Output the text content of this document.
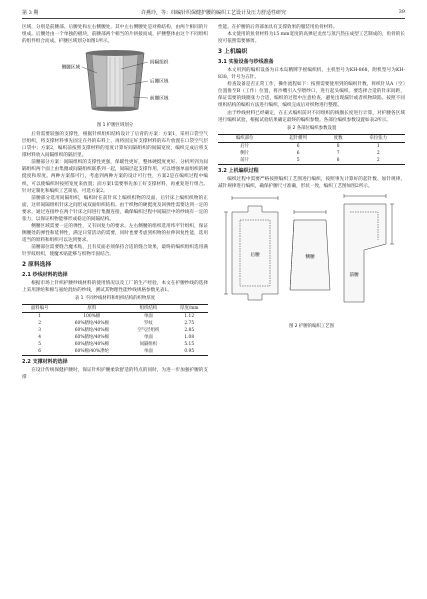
第 3 期	许燕玲，等：纬编针织保健护腰的编织工艺设计及压力舒适性研究	39

区域，分别是前腰部、后腰处和左右侧腰处，其中左右侧腰处是对称结构，由两个相同的片组成。后腰处由一个单独的板块，前腰部两个相当的片拼接而成，护腰整体由这个不同组织的组件组合而成。护腰区域划分如图1所示。

侧腰区域
间隔组织
后腰区域
前腰区域
图 1 护腰区域划分

后背需要较强的支撑性，根据针织组织结构设计了后背的方案：方案1，采用口袋空气层组织，将支撑材料事先固定在外的布料上，再将固定好支撑材料的布片放置在口袋空气层口袋中；方案2，编织前按照支撑材料的宽度计算好间隔组织的间隔宽度，编织完成后将支撑材料放入间隔组织的隔层里。

前腰部分方案：间隔组织的支撑性更强，保暖性更好，整体硬挺度更好。分析所到为间隔组织两个面上由集圈或间隔组织联系到一起，间隔层起支撑作用，可以增强单面组织的硬挺度和厚度。两种方案都可行，考虑到两种方案的设计可行性，方案2是在编织过程中编织，可以使编织时按照宽度来放置；而方案1需要事先加工好支撑材料，再重复进行组合。针对定制化和编织工艺简易，可选方案2。

前腰部分选用间隔组织，编织时在前针床上编织织物的反面，后针床上编织织物的正面，这样间隔组织针床之间形成双面组织结构。由于织物的硬挺度及回弹性需要达到一定的要求，通过连接纱在两个针床之间进行集圈连接，确保编织过程中间隔层中的纱线有一定的张力，以保证织物能够形成稳定的间隔结构。

侧腰区域需要一定的弹性，又有回复力的要求。左右侧腰的组织选用纬平针组织，保证侧腰处的弹性和延伸性，满足日常活动的需要，同时也要考虑到织物的拉伸回复性能，选用适当的原料和组织可以达到要求。

前腰部位需要缝合魔术贴，且有反面必须保持合适的缝合效果，最终的编织组织选用满针罗纹组织，使魔术贴能够与织物牢固结合。

2 原料选择
2.1 纱线材料的选择

根据市场上针织护腰纱线材料的使用情况以及工厂的生产经验，本文在护腰纱线的选择上采用涤纶和棉与氨纶混纺的纱线，测试其物理性能纱线规格参数见表1。

表 1 不同纱线材料和组织结构的织物厚度
面料编号	原料	组织结构	厚度/mm
1	100%棉	单面	1.12
2	60%腈纶/40%棉	罗纹	2.75
3	60%腈纶/40%棉	空气层组织	2.85
4	60%腈纶/40%棉	单面	1.08
5	60%腈纶/40%棉	间隔组织	5.15
6	60%棉/40%涤纶	单面	0.95
2.2 支撑材料的选择

在设计传统保健护腰时，保证针织护腰柔软舒适的特点的同时，为进一步加强护腰的支撑

性能，在护腰的后背部加具有支撑效果的服装用鱼骨材料。

本文使用的鱼骨材料为15 mm宽度的高弹尼龙丝与蒸汽热压成型工艺制成的，鱼骨的长度可依照需要修剪。

3 上机编织
3.1 实验设备与纱线准备

本文用到的编织设备为日本岛精牌手摇编织机，主机型号为KH-868，附机型号为KH-838，针号为五针。

检查设备是否正常工作，操作流程如下：按照需要使用到的编织针数，将织针从A（空）位置推至B（工作）位置，将沙嘴引入至喂纱口，进行起头编织。要选择合适的针床间距，保证需要的线圈张力合适，编织的过程中注意检查，避免出现漏针或者织物缺陷。按照不同组织结构的编织方法进行编织，编织完成后对织物进行整理。

由于纱线材料已经确定，在正式编织前对不同组织的线圈长度进行计算，对护腰各区域进行编织试验，根据试验结果确定最终的编织参数。各部位编织参数设置如表2所示。

表 2 各部位编织参数设置
编织部位	起针横列	度数	牵拉张力
后片	6	8	1
侧片	6	7	2
前片	5	8	2
3.2 上机编织过程

编织过程中需要严格按照编织工艺图进行编织，按照事先计算好的起针数、加针规律、减针规律进行编织，确保护腰尺寸准确，形状一致，编织工艺图如图2所示。

后腰	侧腰
前腰
图 2 护腰的编织工艺图
